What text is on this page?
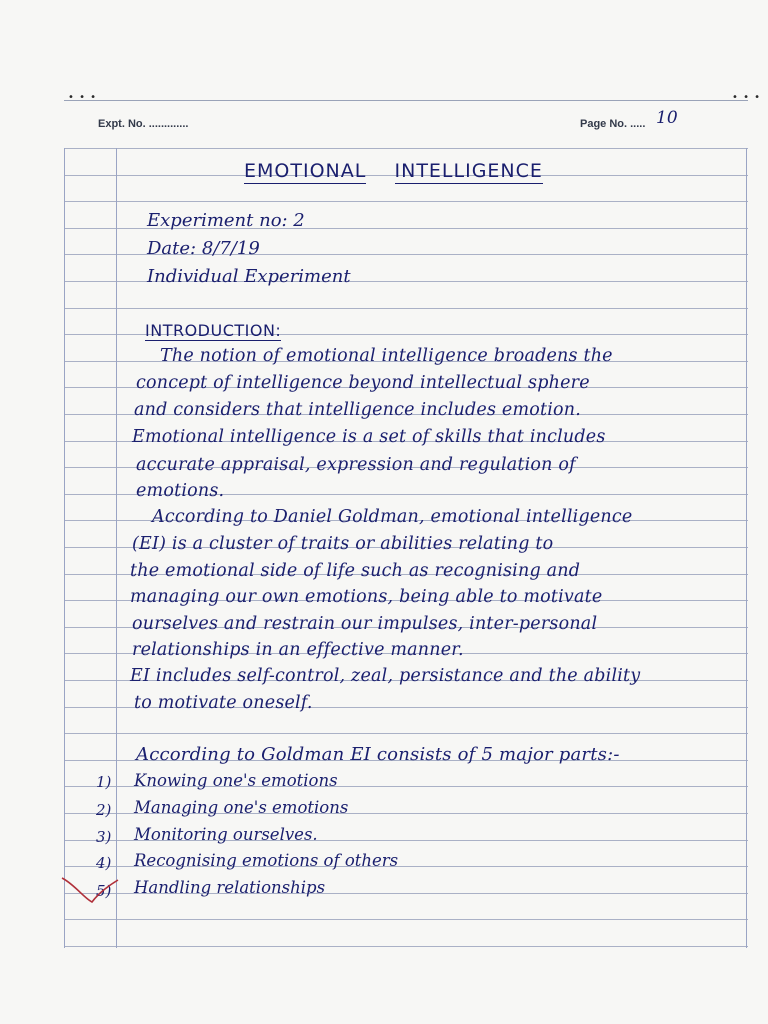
• • •	• • •
Expt. No. .............	Page No. ..... 10
EMOTIONAL INTELLIGENCE
Experiment no: 2
Date: 8/7/19
Individual Experiment
INTRODUCTION:
The notion of emotional intelligence broadens the
concept of intelligence beyond intellectual sphere
and considers that intelligence includes emotion.
Emotional intelligence is a set of skills that includes
accurate appraisal, expression and regulation of
emotions.
According to Daniel Goldman, emotional intelligence
(EI) is a cluster of traits or abilities relating to
the emotional side of life such as recognising and
managing our own emotions, being able to motivate
ourselves and restrain our impulses, inter-personal
relationships in an effective manner.
EI includes self-control, zeal, persistance and the ability
to motivate oneself.
According to Goldman EI consists of 5 major parts:-
1) Knowing one's emotions
2) Managing one's emotions
3) Monitoring ourselves.
4) Recognising emotions of others
5) Handling relationships
